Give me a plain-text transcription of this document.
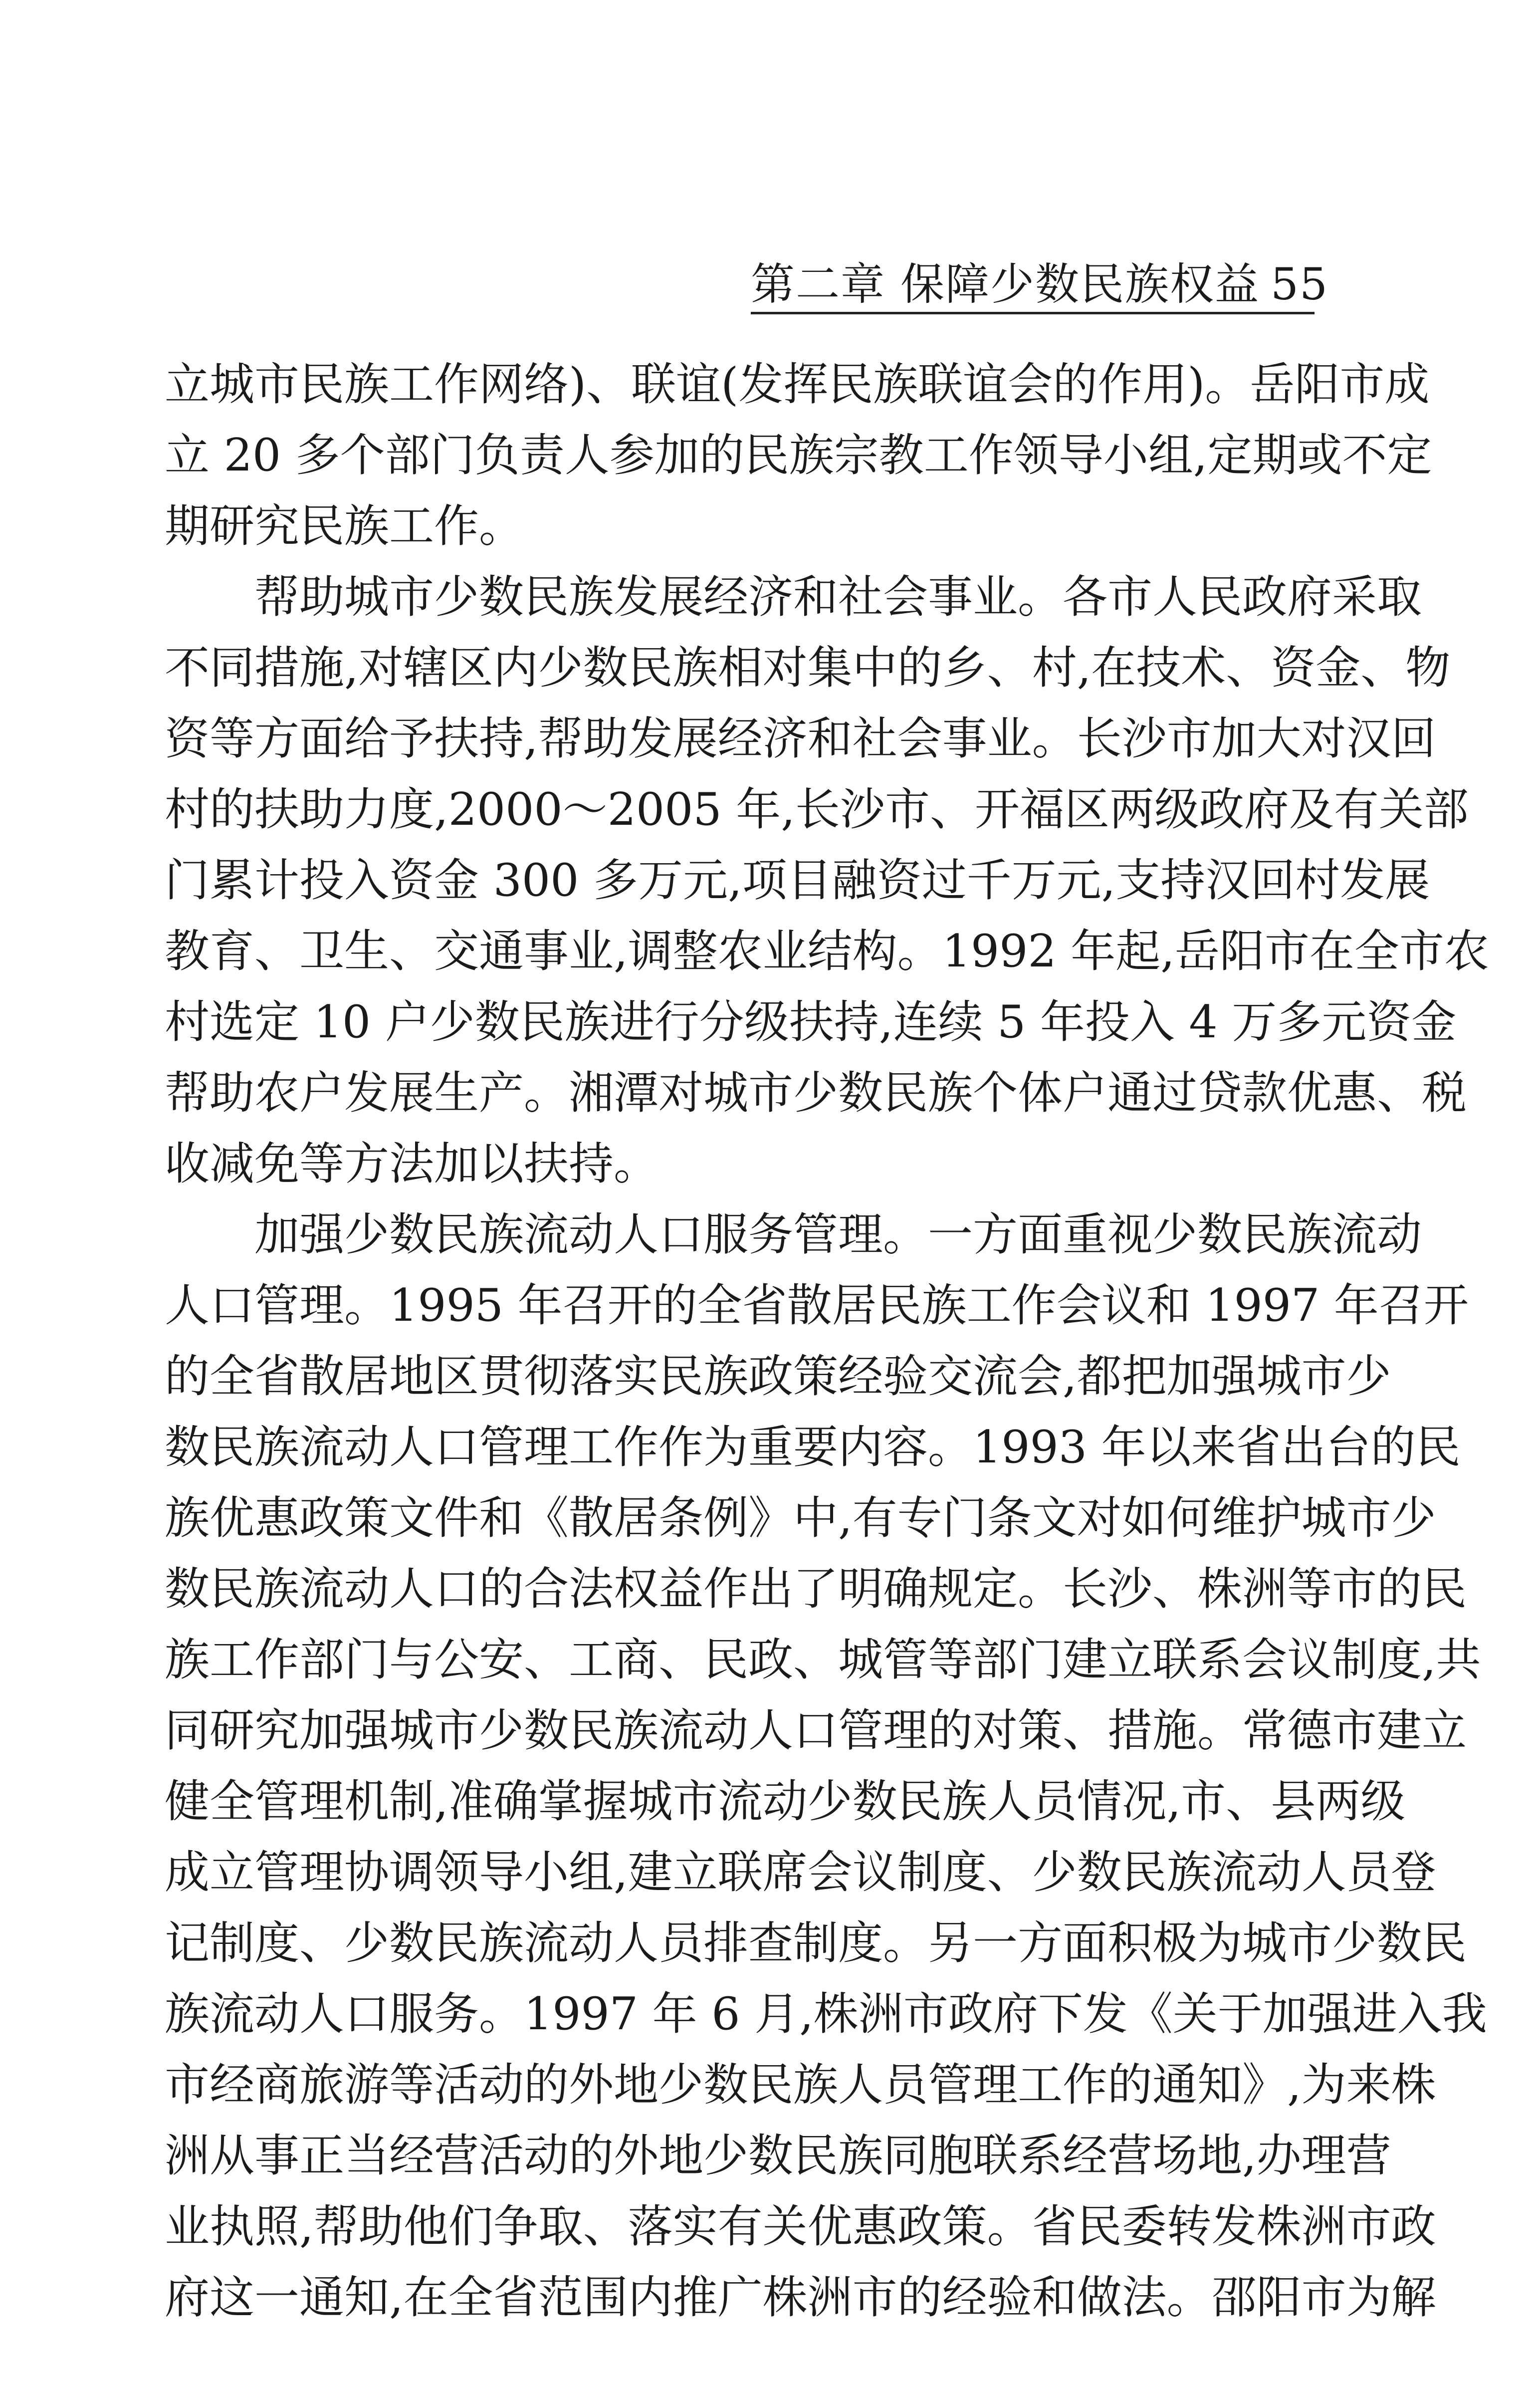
第二章 保障少数民族权益 55
立城市民族工作网络)、联谊(发挥民族联谊会的作用)。岳阳市成
立 20 多个部门负责人参加的民族宗教工作领导小组,定期或不定
期研究民族工作。
帮助城市少数民族发展经济和社会事业。各市人民政府采取
不同措施,对辖区内少数民族相对集中的乡、村,在技术、资金、物
资等方面给予扶持,帮助发展经济和社会事业。长沙市加大对汉回
村的扶助力度,2000～2005 年,长沙市、开福区两级政府及有关部
门累计投入资金 300 多万元,项目融资过千万元,支持汉回村发展
教育、卫生、交通事业,调整农业结构。1992 年起,岳阳市在全市农
村选定 10 户少数民族进行分级扶持,连续 5 年投入 4 万多元资金
帮助农户发展生产。湘潭对城市少数民族个体户通过贷款优惠、税
收减免等方法加以扶持。
加强少数民族流动人口服务管理。一方面重视少数民族流动
人口管理。1995 年召开的全省散居民族工作会议和 1997 年召开
的全省散居地区贯彻落实民族政策经验交流会,都把加强城市少
数民族流动人口管理工作作为重要内容。1993 年以来省出台的民
族优惠政策文件和《散居条例》中,有专门条文对如何维护城市少
数民族流动人口的合法权益作出了明确规定。长沙、株洲等市的民
族工作部门与公安、工商、民政、城管等部门建立联系会议制度,共
同研究加强城市少数民族流动人口管理的对策、措施。常德市建立
健全管理机制,准确掌握城市流动少数民族人员情况,市、县两级
成立管理协调领导小组,建立联席会议制度、少数民族流动人员登
记制度、少数民族流动人员排查制度。另一方面积极为城市少数民
族流动人口服务。1997 年 6 月,株洲市政府下发《关于加强进入我
市经商旅游等活动的外地少数民族人员管理工作的通知》,为来株
洲从事正当经营活动的外地少数民族同胞联系经营场地,办理营
业执照,帮助他们争取、落实有关优惠政策。省民委转发株洲市政
府这一通知,在全省范围内推广株洲市的经验和做法。邵阳市为解
